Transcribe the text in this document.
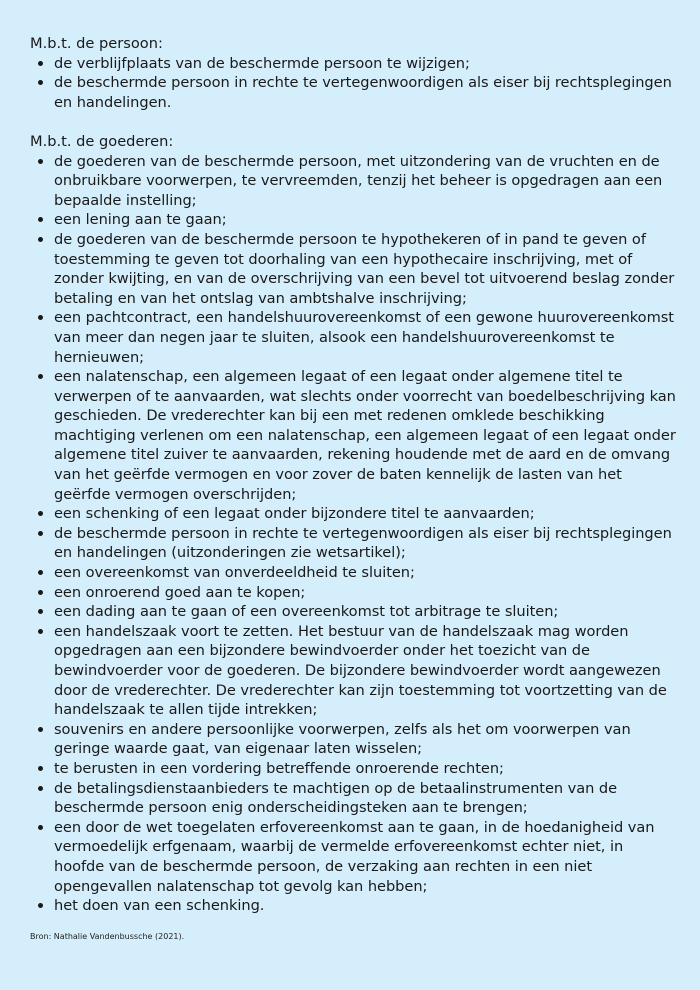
M.b.t. de persoon:

de verblijfplaats van de beschermde persoon te wijzigen;
de beschermde persoon in rechte te vertegenwoordigen als eiser bij rechtsplegingen en handelingen.

M.b.t. de goederen:

de goederen van de beschermde persoon, met uitzondering van de vruchten en de onbruikbare voorwerpen, te vervreemden, tenzij het beheer is opgedragen aan een bepaalde instelling;
een lening aan te gaan;
de goederen van de beschermde persoon te hypothekeren of in pand te geven of toestemming te geven tot doorhaling van een hypothecaire inschrijving, met of zonder kwijting, en van de overschrijving van een bevel tot uitvoerend beslag zonder betaling en van het ontslag van ambtshalve inschrijving;
een pachtcontract, een handelshuurovereenkomst of een gewone huurovereenkomst van meer dan negen jaar te sluiten, alsook een handelshuurovereenkomst te hernieuwen;
een nalatenschap, een algemeen legaat of een legaat onder algemene titel te verwerpen of te aanvaarden, wat slechts onder voorrecht van boedelbeschrijving kan geschieden. De vrederechter kan bij een met redenen omklede beschikking machtiging verlenen om een nalatenschap, een algemeen legaat of een legaat onder algemene titel zuiver te aanvaarden, rekening houdende met de aard en de omvang van het geërfde vermogen en voor zover de baten kennelijk de lasten van het geërfde vermogen overschrijden;
een schenking of een legaat onder bijzondere titel te aanvaarden;
de beschermde persoon in rechte te vertegenwoordigen als eiser bij rechtsplegingen en handelingen (uitzonderingen zie wetsartikel);
een overeenkomst van onverdeeldheid te sluiten;
een onroerend goed aan te kopen;
een dading aan te gaan of een overeenkomst tot arbitrage te sluiten;
een handelszaak voort te zetten. Het bestuur van de handelszaak mag worden opgedragen aan een bijzondere bewindvoerder onder het toezicht van de bewindvoerder voor de goederen. De bijzondere bewindvoerder wordt aangewezen door de vrederechter. De vrederechter kan zijn toestemming tot voortzetting van de handelszaak te allen tijde intrekken;
souvenirs en andere persoonlijke voorwerpen, zelfs als het om voorwerpen van geringe waarde gaat, van eigenaar laten wisselen;
te berusten in een vordering betreffende onroerende rechten;
de betalingsdienstaanbieders te machtigen op de betaalinstrumenten van de beschermde persoon enig onderscheidingsteken aan te brengen;
een door de wet toegelaten erfovereenkomst aan te gaan, in de hoedanigheid van vermoedelijk erfgenaam, waarbij de vermelde erfovereenkomst echter niet, in hoofde van de beschermde persoon, de verzaking aan rechten in een niet opengevallen nalatenschap tot gevolg kan hebben;
het doen van een schenking.
Bron: Nathalie Vandenbussche (2021).
